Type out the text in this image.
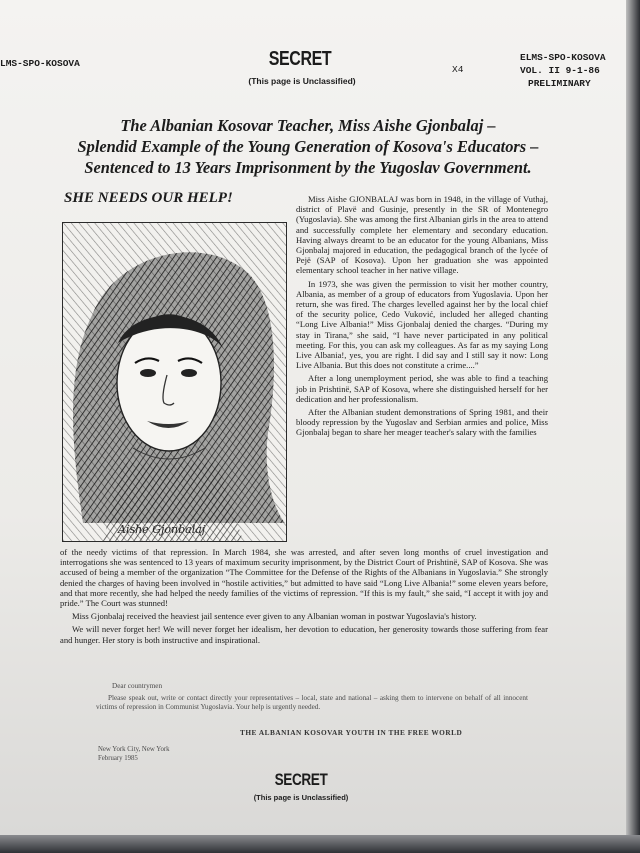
LMS-SPO-KOSOVA	SECRET
(This page is Unclassified)
X4
ELMS-SPO-KOSOVA
VOL. II 9-1-86
PRELIMINARY
The Albanian Kosovar Teacher, Miss Aishe Gjonbalaj –
Splendid Example of the Young Generation of Kosova's Educators –
Sentenced to 13 Years Imprisonment by the Yugoslav Government.
SHE NEEDS OUR HELP!
Aishe Gjonbalaj

Miss Aishe GJONBALAJ was born in 1948, in the village of Vuthaj, district of Plavë and Gusinje, presently in the SR of Montenegro (Yugoslavia). She was among the first Albanian girls in the area to attend and successfully complete her elementary and secondary education. Having always dreamt to be an educator for the young Albanians, Miss Gjonbalaj majored in education, the pedagogical branch of the lycée of Pejë (SAP of Kosova). Upon her graduation she was appointed elementary school teacher in her native village.

In 1973, she was given the permission to visit her mother country, Albania, as member of a group of educators from Yugoslavia. Upon her return, she was fired. The charges levelled against her by the local chief of the security police, Cedo Vuković, included her alleged chanting “Long Live Albania!” Miss Gjonbalaj denied the charges. “During my stay in Tirana,” she said, “I have never participated in any political meeting. For this, you can ask my colleagues. As far as my saying Long Live Albania!, yes, you are right. I did say and I still say it now: Long Live Albania. But this does not constitute a crime....”

After a long unemployment period, she was able to find a teaching job in Prishtinë, SAP of Kosova, where she distinguished herself for her dedication and her professionalism.

After the Albanian student demonstrations of Spring 1981, and their bloody repression by the Yugoslav and Serbian armies and police, Miss Gjonbalaj began to share her meager teacher's salary with the families

of the needy victims of that repression. In March 1984, she was arrested, and after seven long months of cruel investigation and interrogations she was sentenced to 13 years of maximum security imprisonment, by the District Court of Prishtinë, SAP of Kosova. She was accused of being a member of the organization “The Committee for the Defense of the Rights of the Albanians in Yugoslavia.” She strongly denied the charges of having been involved in “hostile activities,” but admitted to have said “Long Live Albania!” some eleven years before, and that more recently, she had helped the needy families of the victims of repression. “If this is my fault,” she said, “I accept it with joy and pride.” The Court was stunned!

Miss Gjonbalaj received the heaviest jail sentence ever given to any Albanian woman in postwar Yugoslavia's history.

We will never forget her! We will never forget her idealism, her devotion to education, her generosity towards those suffering from fear and hunger. Her story is both instructive and inspirational.

Dear countrymen
Please speak out, write or contact directly your representatives – local, state and national – asking them to intervene on behalf of all innocent victims of repression in Communist Yugoslavia. Your help is urgently needed.
THE ALBANIAN KOSOVAR YOUTH IN THE FREE WORLD
New York City, New York
February 1985
SECRET
(This page is Unclassified)
